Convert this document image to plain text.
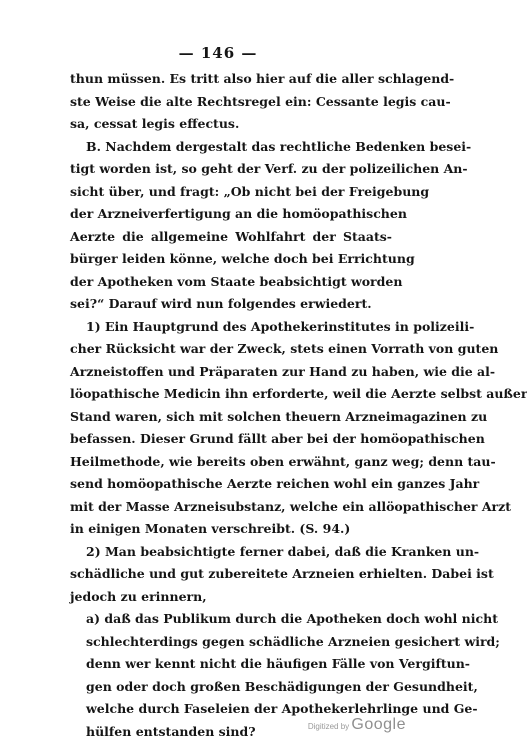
— 146 —
thun müssen. Es tritt also hier auf die aller schlagend-
ste Weise die alte Rechtsregel ein: Cessante legis cau-
sa, cessat legis effectus.
B. Nachdem dergestalt das rechtliche Bedenken besei-
tigt worden ist, so geht der Verf. zu der polizeilichen An-
sicht über, und fragt: „Ob nicht bei der Freigebung
der Arzneiverfertigung an die homöopathischen
Aerzte die allgemeine Wohlfahrt der Staats-
bürger leiden könne, welche doch bei Errichtung
der Apotheken vom Staate beabsichtigt worden
sei?“ Darauf wird nun folgendes erwiedert.
1) Ein Hauptgrund des Apothekerinstitutes in polizeili-
cher Rücksicht war der Zweck, stets einen Vorrath von guten
Arzneistoffen und Präparaten zur Hand zu haben, wie die al-
löopathische Medicin ihn erforderte, weil die Aerzte selbst außer
Stand waren, sich mit solchen theuern Arzneimagazinen zu
befassen. Dieser Grund fällt aber bei der homöopathischen
Heilmethode, wie bereits oben erwähnt, ganz weg; denn tau-
send homöopathische Aerzte reichen wohl ein ganzes Jahr
mit der Masse Arzneisubstanz, welche ein allöopathischer Arzt
in einigen Monaten verschreibt. (S. 94.)
2) Man beabsichtigte ferner dabei, daß die Kranken un-
schädliche und gut zubereitete Arzneien erhielten. Dabei ist
jedoch zu erinnern,
a) daß das Publikum durch die Apotheken doch wohl nicht
schlechterdings gegen schädliche Arzneien gesichert wird;
denn wer kennt nicht die häufigen Fälle von Vergiftun-
gen oder doch großen Beschädigungen der Gesundheit,
welche durch Faseleien der Apothekerlehrlinge und Ge-
hülfen entstanden sind?	Digitized by Google
